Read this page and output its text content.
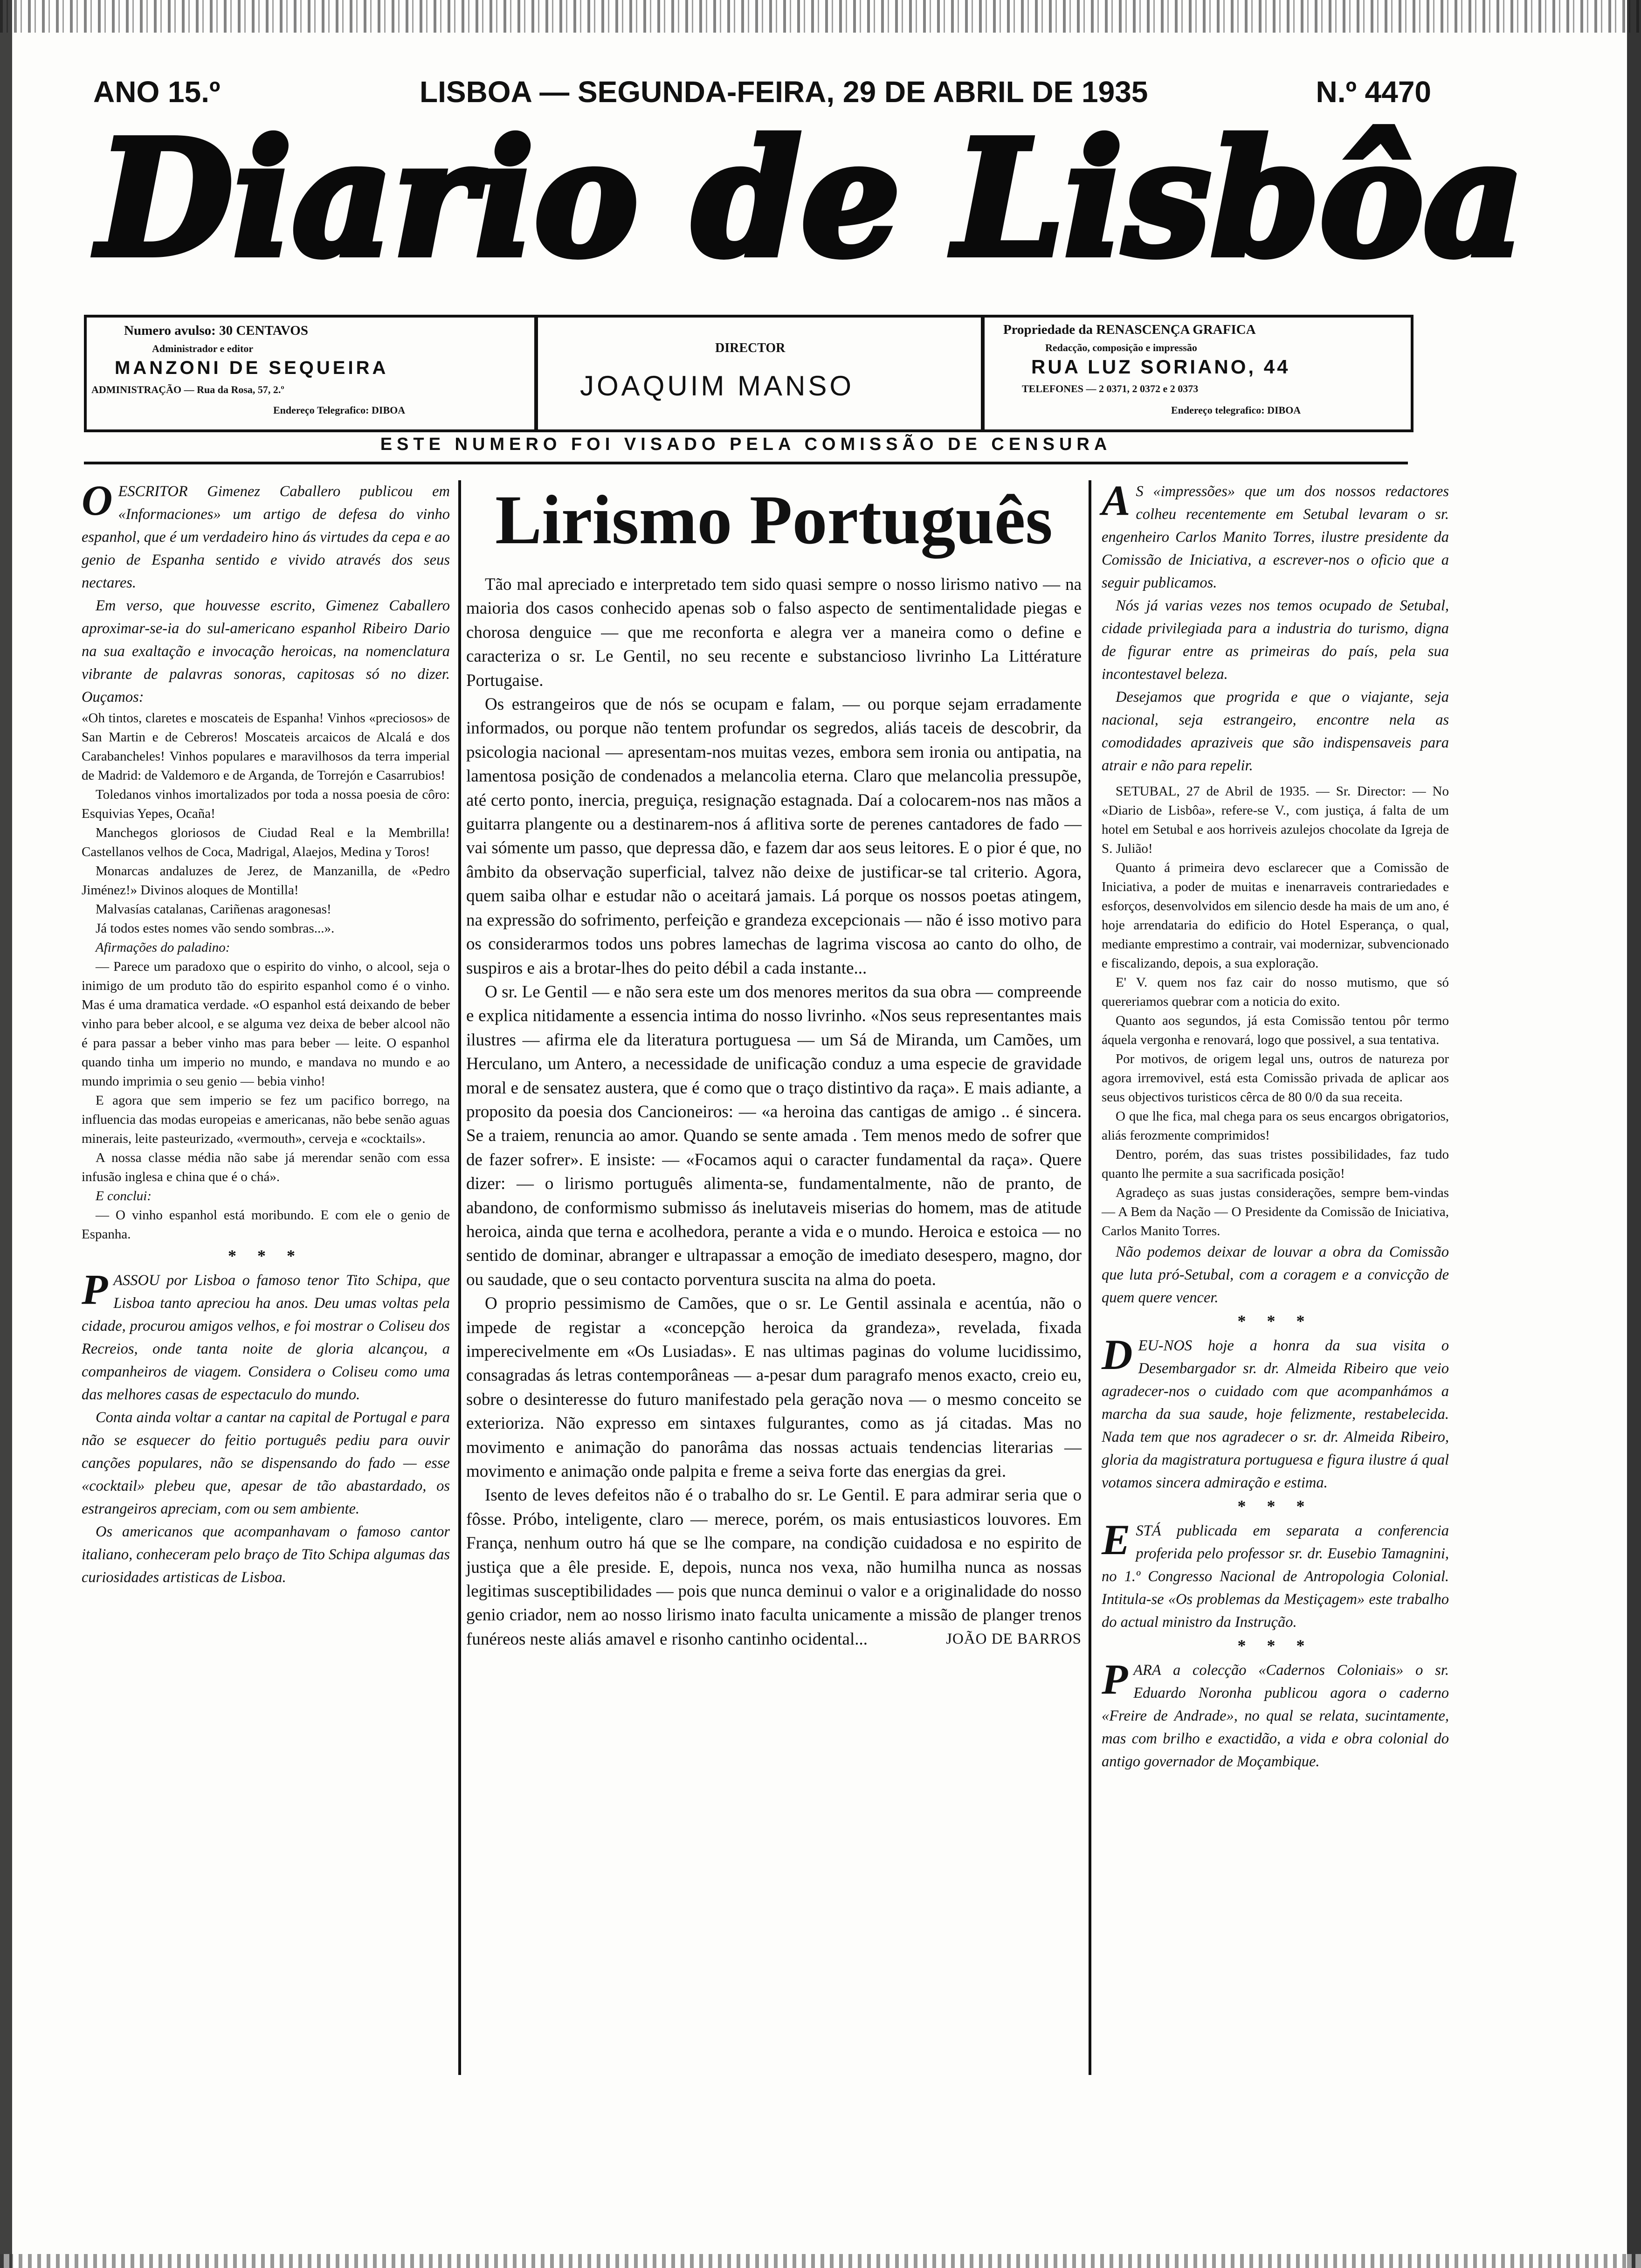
ANO 15.º	LISBOA — SEGUNDA-FEIRA, 29 DE ABRIL DE 1935	N.º 4470
Diario de Lisbôa
Numero avulso: 30 CENTAVOS
Administrador e editor
MANZONI DE SEQUEIRA
ADMINISTRAÇÃO — Rua da Rosa, 57, 2.º
Endereço Telegrafico: DIBOA
DIRECTOR
JOAQUIM MANSO
Propriedade da RENASCENÇA GRAFICA
Redacção, composição e impressão
RUA LUZ SORIANO, 44
TELEFONES — 2 0371, 2 0372 e 2 0373
Endereço telegrafico: DIBOA
ESTE NUMERO FOI VISADO PELA COMISSÃO DE CENSURA

OESCRITOR Gimenez Caballero publicou em «Informaciones» um artigo de defesa do vinho espanhol, que é um verdadeiro hino ás virtudes da cepa e ao genio de Espanha sentido e vivido através dos seus nectares.

Em verso, que houvesse escrito, Gimenez Caballero aproximar-se-ia do sul-americano espanhol Ribeiro Dario na sua exaltação e invocação heroicas, na nomenclatura vibrante de palavras sonoras, capitosas só no dizer. Ouçamos:

«Oh tintos, claretes e moscateis de Espanha! Vinhos «preciosos» de San Martin e de Cebreros! Moscateis arcaicos de Alcalá e dos Carabancheles! Vinhos populares e maravilhosos da terra imperial de Madrid: de Valdemoro e de Arganda, de Torrejón e Casarrubios!

Toledanos vinhos imortalizados por toda a nossa poesia de côro: Esquivias Yepes, Ocaña!

Manchegos gloriosos de Ciudad Real e la Membrilla! Castellanos velhos de Coca, Madrigal, Alaejos, Medina y Toros!

Monarcas andaluzes de Jerez, de Manzanilla, de «Pedro Jiménez!» Divinos aloques de Montilla!

Malvasías catalanas, Cariñenas aragonesas!

Já todos estes nomes vão sendo sombras...».

Afirmações do paladino:

— Parece um paradoxo que o espirito do vinho, o alcool, seja o inimigo de um produto tão do espirito espanhol como é o vinho. Mas é uma dramatica verdade. «O espanhol está deixando de beber vinho para beber alcool, e se alguma vez deixa de beber alcool não é para passar a beber vinho mas para beber — leite. O espanhol quando tinha um imperio no mundo, e mandava no mundo e ao mundo imprimia o seu genio — bebia vinho!

E agora que sem imperio se fez um pacifico borrego, na influencia das modas europeias e americanas, não bebe senão aguas minerais, leite pasteurizado, «vermouth», cerveja e «cocktails».

A nossa classe média não sabe já merendar senão com essa infusão inglesa e china que é o chá».

E conclui:

— O vinho espanhol está moribundo. E com ele o genio de Espanha.

* * *

PASSOU por Lisboa o famoso tenor Tito Schipa, que Lisboa tanto apreciou ha anos. Deu umas voltas pela cidade, procurou amigos velhos, e foi mostrar o Coliseu dos Recreios, onde tanta noite de gloria alcançou, a companheiros de viagem. Considera o Coliseu como uma das melhores casas de espectaculo do mundo.

Conta ainda voltar a cantar na capital de Portugal e para não se esquecer do feitio português pediu para ouvir canções populares, não se dispensando do fado — esse «cocktail» plebeu que, apesar de tão abastardado, os estrangeiros apreciam, com ou sem ambiente.

Os americanos que acompanhavam o famoso cantor italiano, conheceram pelo braço de Tito Schipa algumas das curiosidades artisticas de Lisboa.

Lirismo Português

Tão mal apreciado e interpretado tem sido quasi sempre o nosso lirismo nativo — na maioria dos casos conhecido apenas sob o falso aspecto de sentimentalidade piegas e chorosa denguice — que me reconforta e alegra ver a maneira como o define e caracteriza o sr. Le Gentil, no seu recente e substancioso livrinho La Littérature Portugaise.

Os estrangeiros que de nós se ocupam e falam, — ou porque sejam erradamente informados, ou porque não tentem profundar os segredos, aliás taceis de descobrir, da psicologia nacional — apresentam-nos muitas vezes, embora sem ironia ou antipatia, na lamentosa posição de condenados a melancolia eterna. Claro que melancolia pressupõe, até certo ponto, inercia, preguiça, resignação estagnada. Daí a colocarem-nos nas mãos a guitarra plangente ou a destinarem-nos á aflitiva sorte de perenes cantadores de fado — vai sómente um passo, que depressa dão, e fazem dar aos seus leitores. E o pior é que, no âmbito da observação superficial, talvez não deixe de justificar-se tal criterio. Agora, quem saiba olhar e estudar não o aceitará jamais. Lá porque os nossos poetas atingem, na expressão do sofrimento, perfeição e grandeza excepcionais — não é isso motivo para os considerarmos todos uns pobres lamechas de lagrima viscosa ao canto do olho, de suspiros e ais a brotar-lhes do peito débil a cada instante...

O sr. Le Gentil — e não sera este um dos menores meritos da sua obra — compreende e explica nitidamente a essencia intima do nosso livrinho. «Nos seus representantes mais ilustres — afirma ele da literatura portuguesa — um Sá de Miranda, um Camões, um Herculano, um Antero, a necessidade de unificação conduz a uma especie de gravidade moral e de sensatez austera, que é como que o traço distintivo da raça». E mais adiante, a proposito da poesia dos Cancioneiros: — «a heroina das cantigas de amigo .. é sincera. Se a traiem, renuncia ao amor. Quando se sente amada . Tem menos medo de sofrer que de fazer sofrer». E insiste: — «Focamos aqui o caracter fundamental da raça». Quere dizer: — o lirismo português alimenta-se, fundamentalmente, não de pranto, de abandono, de conformismo submisso ás inelutaveis miserias do homem, mas de atitude heroica, ainda que terna e acolhedora, perante a vida e o mundo. Heroica e estoica — no sentido de dominar, abranger e ultrapassar a emoção de imediato desespero, magno, dor ou saudade, que o seu contacto porventura suscita na alma do poeta.

O proprio pessimismo de Camões, que o sr. Le Gentil assinala e acentúa, não o impede de registar a «concepção heroica da grandeza», revelada, fixada imperecivelmente em «Os Lusiadas». E nas ultimas paginas do volume lucidissimo, consagradas ás letras contemporâneas — a-pesar dum paragrafo menos exacto, creio eu, sobre o desinteresse do futuro manifestado pela geração nova — o mesmo conceito se exterioriza. Não expresso em sintaxes fulgurantes, como as já citadas. Mas no movimento e animação do panorâma das nossas actuais tendencias literarias — movimento e animação onde palpita e freme a seiva forte das energias da grei.

Isento de leves defeitos não é o trabalho do sr. Le Gentil. E para admirar seria que o fôsse. Próbo, inteligente, claro — merece, porém, os mais entusiasticos louvores. Em França, nenhum outro há que se lhe compare, na condição cuidadosa e no espirito de justiça que a êle preside. E, depois, nunca nos vexa, não humilha nunca as nossas legitimas susceptibilidades — pois que nunca deminui o valor e a originalidade do nosso genio criador, nem ao nosso lirismo inato faculta unicamente a missão de planger trenos funéreos neste aliás amavel e risonho cantinho ocidental...	JOÃO DE BARROS

A S «impressões» que um dos nossos redactores colheu recentemente em Setubal levaram o sr. engenheiro Carlos Manito Torres, ilustre presidente da Comissão de Iniciativa, a escrever-nos o oficio que a seguir publicamos.

Nós já varias vezes nos temos ocupado de Setubal, cidade privilegiada para a industria do turismo, digna de figurar entre as primeiras do país, pela sua incontestavel beleza.

Desejamos que progrida e que o viajante, seja nacional, seja estrangeiro, encontre nela as comodidades apraziveis que são indispensaveis para atrair e não para repelir.

SETUBAL, 27 de Abril de 1935. — Sr. Director: — No «Diario de Lisbôa», refere-se V., com justiça, á falta de um hotel em Setubal e aos horriveis azulejos chocolate da Igreja de S. Julião!

Quanto á primeira devo esclarecer que a Comissão de Iniciativa, a poder de muitas e inenarraveis contrariedades e esforços, desenvolvidos em silencio desde ha mais de um ano, é hoje arrendataria do edificio do Hotel Esperança, o qual, mediante emprestimo a contrair, vai modernizar, subvencionado e fiscalizando, depois, a sua exploração.

E' V. quem nos faz cair do nosso mutismo, que só quereriamos quebrar com a noticia do exito.

Quanto aos segundos, já esta Comissão tentou pôr termo áquela vergonha e renovará, logo que possivel, a sua tentativa.

Por motivos, de origem legal uns, outros de natureza por agora irremovivel, está esta Comissão privada de aplicar aos seus objectivos turisticos cêrca de 80 0/0 da sua receita.

O que lhe fica, mal chega para os seus encargos obrigatorios, aliás ferozmente comprimidos!

Dentro, porém, das suas tristes possibilidades, faz tudo quanto lhe permite a sua sacrificada posição!

Agradeço as suas justas considerações, sempre bem-vindas — A Bem da Nação — O Presidente da Comissão de Iniciativa, Carlos Manito Torres.

Não podemos deixar de louvar a obra da Comissão que luta pró-Setubal, com a coragem e a convicção de quem quere vencer.

* * *

DEU-NOS hoje a honra da sua visita o Desembargador sr. dr. Almeida Ribeiro que veio agradecer-nos o cuidado com que acompanhámos a marcha da sua saude, hoje felizmente, restabelecida. Nada tem que nos agradecer o sr. dr. Almeida Ribeiro, gloria da magistratura portuguesa e figura ilustre á qual votamos sincera admiração e estima.

* * *

ESTÁ publicada em separata a conferencia proferida pelo professor sr. dr. Eusebio Tamagnini, no 1.º Congresso Nacional de Antropologia Colonial. Intitula-se «Os problemas da Mestiçagem» este trabalho do actual ministro da Instrução.

* * *

PARA a colecção «Cadernos Coloniais» o sr. Eduardo Noronha publicou agora o caderno «Freire de Andrade», no qual se relata, sucintamente, mas com brilho e exactidão, a vida e obra colonial do antigo governador de Moçambique.
